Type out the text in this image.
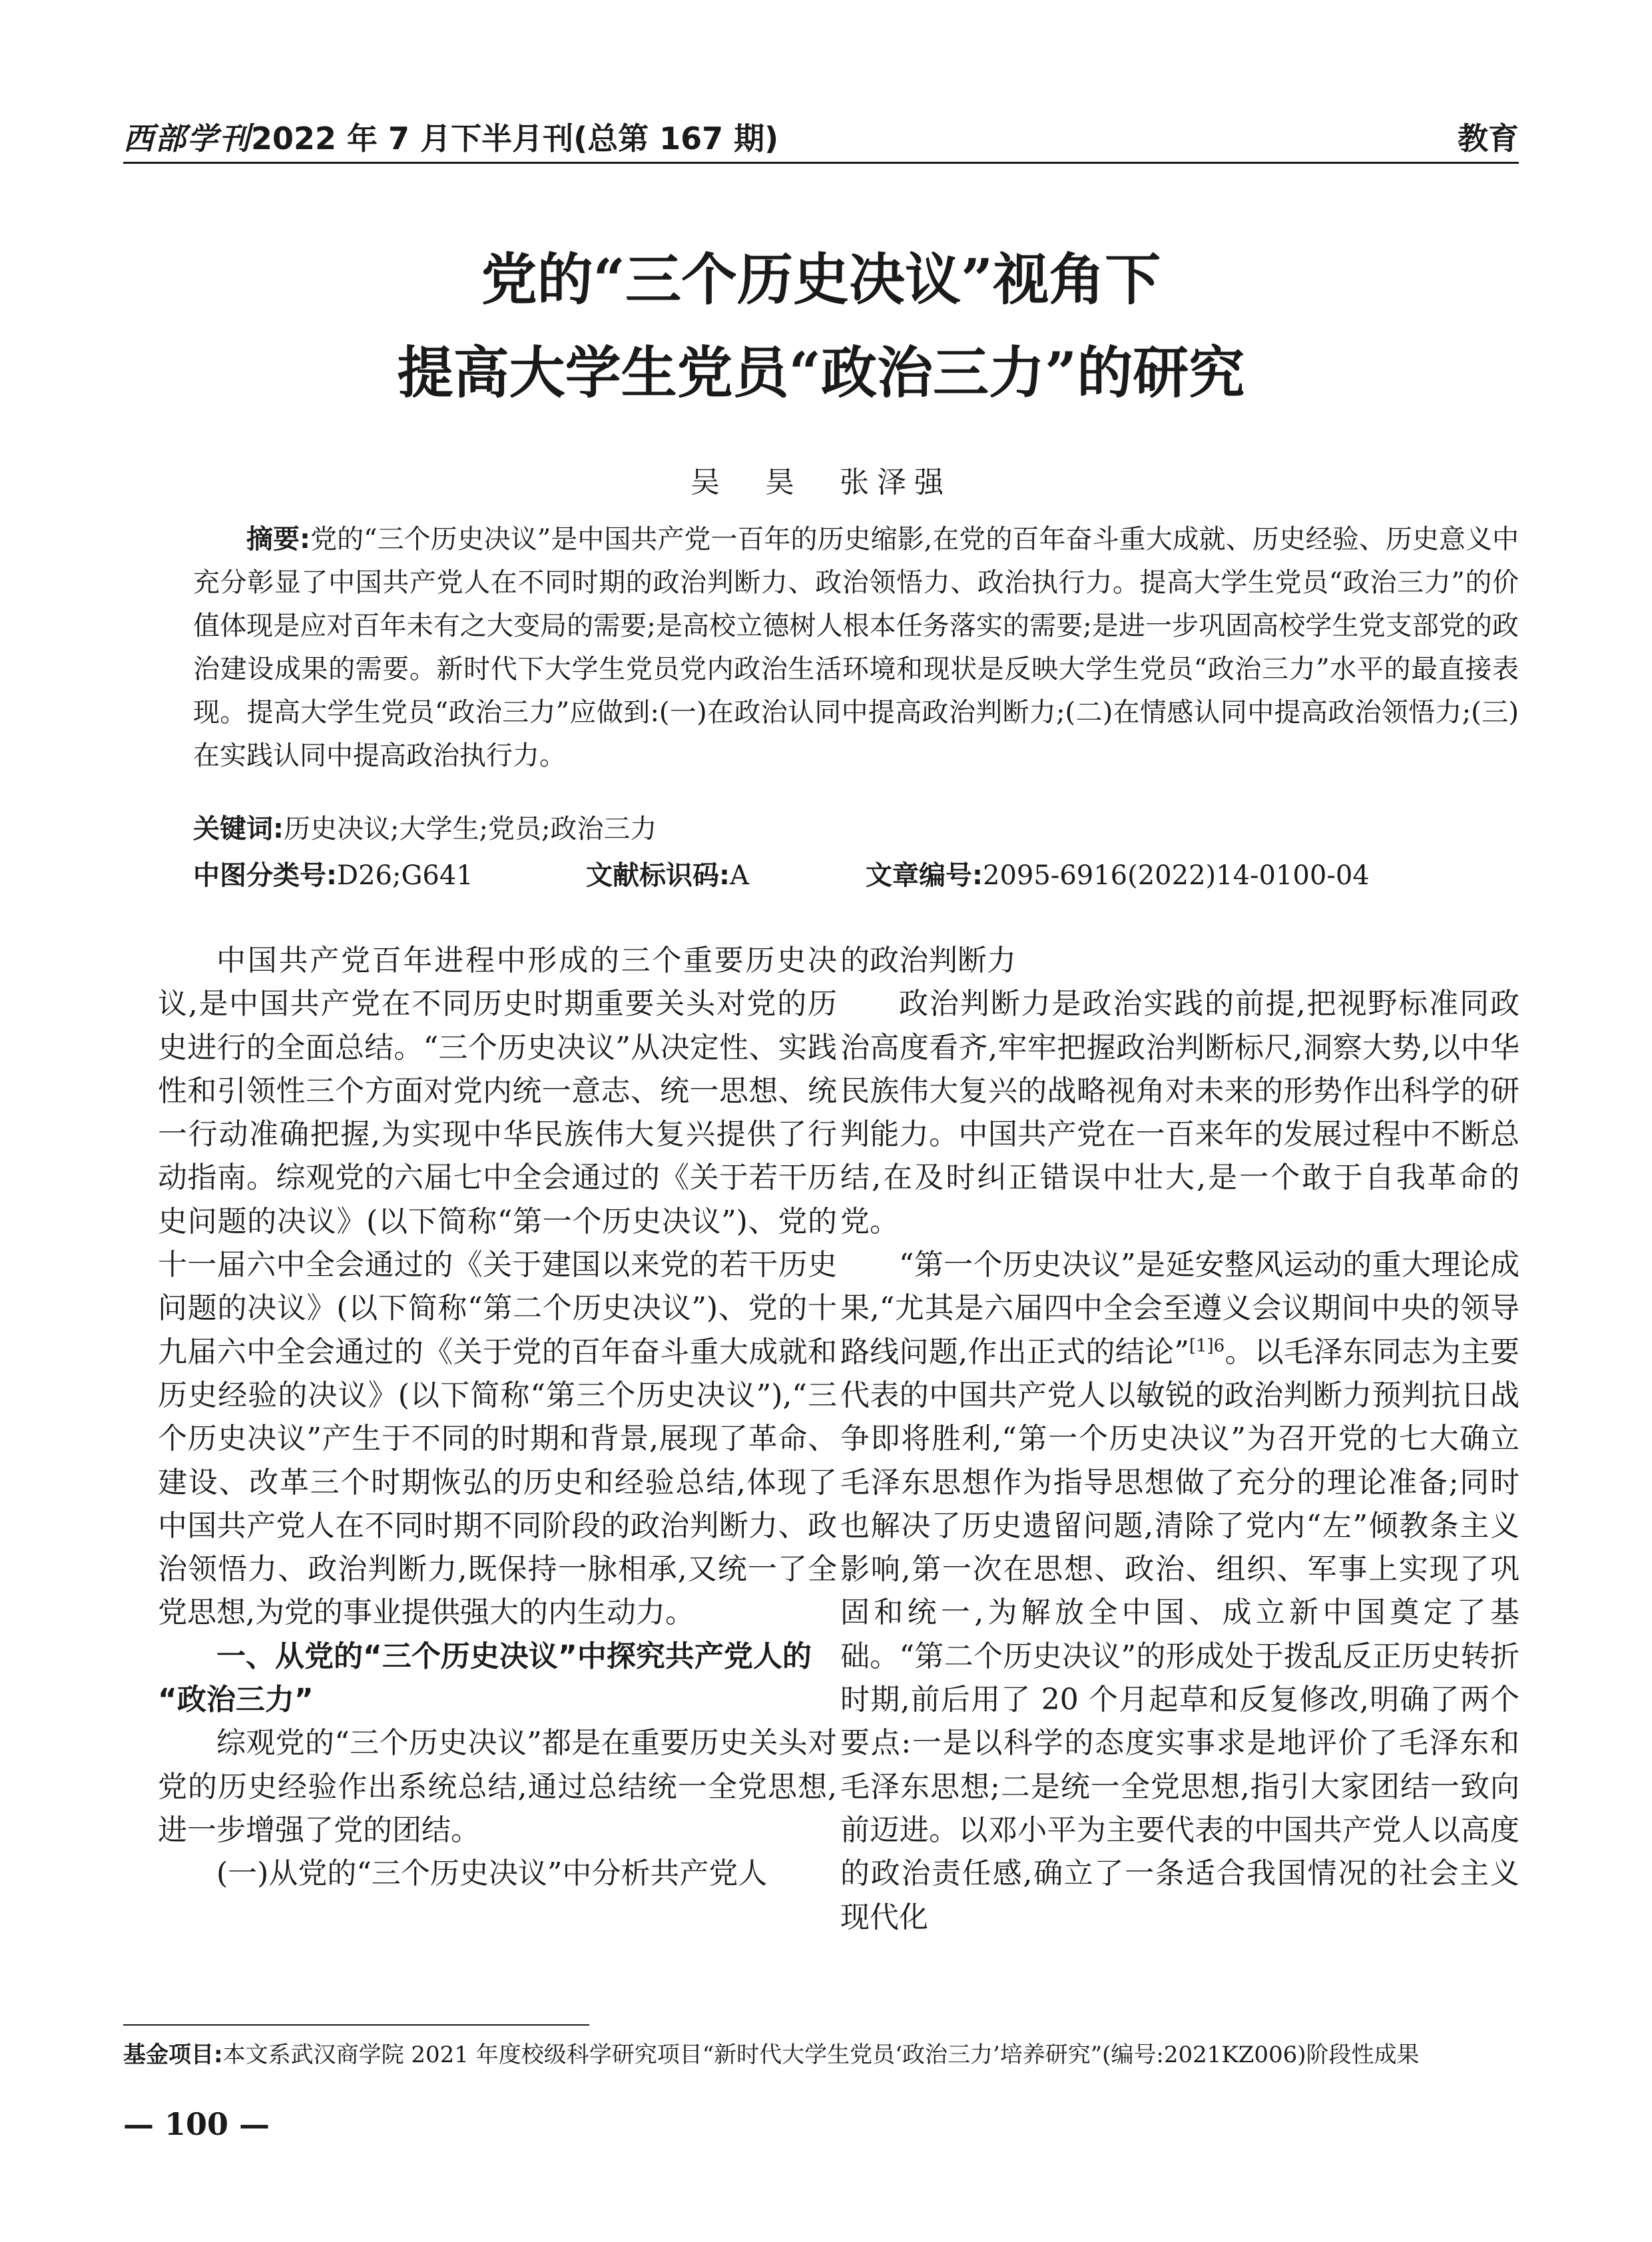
西部学刊2022 年 7 月下半月刊(总第 167 期)	教育
党的“三个历史决议”视角下
提高大学生党员“政治三力”的研究
吴　昊　张泽强
摘要:党的“三个历史决议”是中国共产党一百年的历史缩影,在党的百年奋斗重大成就、历史经验、历史意义中充分彰显了中国共产党人在不同时期的政治判断力、政治领悟力、政治执行力。提高大学生党员“政治三力”的价值体现是应对百年未有之大变局的需要;是高校立德树人根本任务落实的需要;是进一步巩固高校学生党支部党的政治建设成果的需要。新时代下大学生党员党内政治生活环境和现状是反映大学生党员“政治三力”水平的最直接表现。提高大学生党员“政治三力”应做到:(一)在政治认同中提高政治判断力;(二)在情感认同中提高政治领悟力;(三)在实践认同中提高政治执行力。
关键词:历史决议;大学生;党员;政治三力
中图分类号:D26;G641	文献标识码:A	文章编号:2095-6916(2022)14-0100-04

中国共产党百年进程中形成的三个重要历史决议,是中国共产党在不同历史时期重要关头对党的历史进行的全面总结。“三个历史决议”从决定性、实践性和引领性三个方面对党内统一意志、统一思想、统一行动准确把握,为实现中华民族伟大复兴提供了行动指南。综观党的六届七中全会通过的《关于若干历史问题的决议》(以下简称“第一个历史决议”)、党的十一届六中全会通过的《关于建国以来党的若干历史问题的决议》(以下简称“第二个历史决议”)、党的十九届六中全会通过的《关于党的百年奋斗重大成就和历史经验的决议》(以下简称“第三个历史决议”),“三个历史决议”产生于不同的时期和背景,展现了革命、建设、改革三个时期恢弘的历史和经验总结,体现了中国共产党人在不同时期不同阶段的政治判断力、政治领悟力、政治判断力,既保持一脉相承,又统一了全党思想,为党的事业提供强大的内生动力。

一、从党的“三个历史决议”中探究共产党人的
“政治三力”

综观党的“三个历史决议”都是在重要历史关头对党的历史经验作出系统总结,通过总结统一全党思想,进一步增强了党的团结。

(一)从党的“三个历史决议”中分析共产党人

的政治判断力

政治判断力是政治实践的前提,把视野标准同政治高度看齐,牢牢把握政治判断标尺,洞察大势,以中华民族伟大复兴的战略视角对未来的形势作出科学的研判能力。中国共产党在一百来年的发展过程中不断总结,在及时纠正错误中壮大,是一个敢于自我革命的党。

“第一个历史决议”是延安整风运动的重大理论成果,“尤其是六届四中全会至遵义会议期间中央的领导路线问题,作出正式的结论”$^{[1]6}$。以毛泽东同志为主要代表的中国共产党人以敏锐的政治判断力预判抗日战争即将胜利,“第一个历史决议”为召开党的七大确立毛泽东思想作为指导思想做了充分的理论准备;同时也解决了历史遗留问题,清除了党内“左”倾教条主义影响,第一次在思想、政治、组织、军事上实现了巩固和统一,为解放全中国、成立新中国奠定了基础。“第二个历史决议”的形成处于拨乱反正历史转折时期,前后用了 20 个月起草和反复修改,明确了两个要点:一是以科学的态度实事求是地评价了毛泽东和毛泽东思想;二是统一全党思想,指引大家团结一致向前迈进。以邓小平为主要代表的中国共产党人以高度的政治责任感,确立了一条适合我国情况的社会主义现代化

基金项目:本文系武汉商学院 2021 年度校级科学研究项目“新时代大学生党员‘政治三力’培养研究”(编号:2021KZ006)阶段性成果
— 100 —
